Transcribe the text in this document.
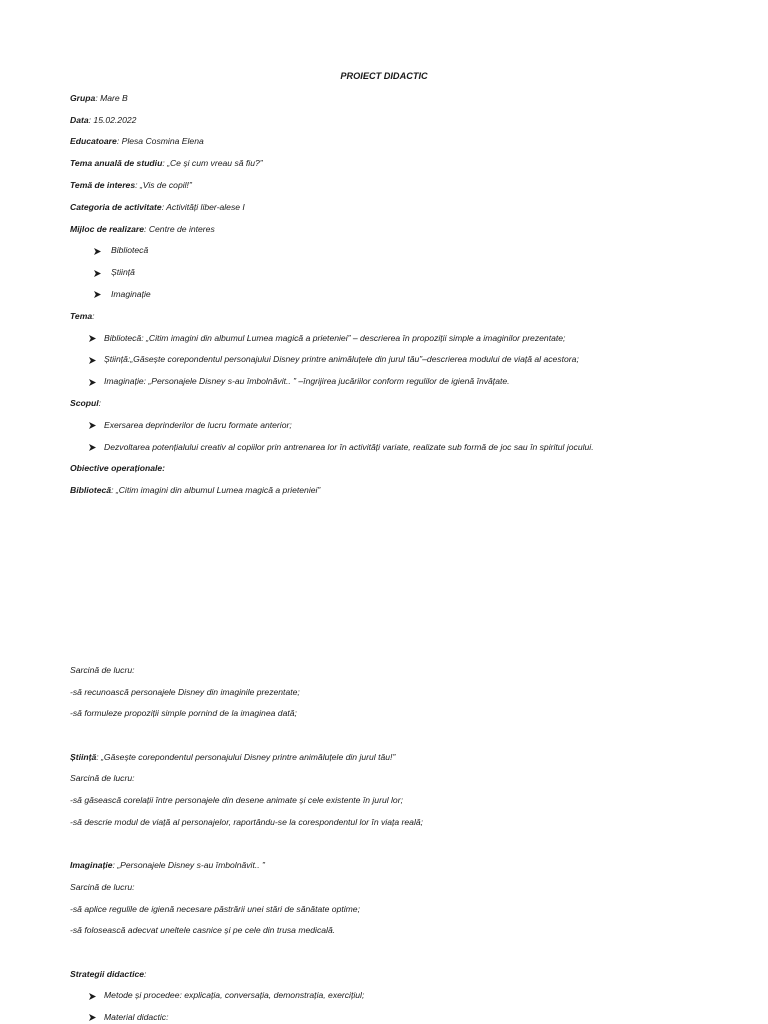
PROIECT DIDACTIC
Grupa: Mare B
Data: 15.02.2022
Educatoare: Plesa Cosmina Elena
Tema anuală de studiu: „Ce și cum vreau să fiu?”
Temă de interes: „Vis de copil!”
Categoria de activitate: Activități liber-alese I
Mijloc de realizare: Centre de interes
Bibliotecă
Știință
Imaginație
Tema:
Bibliotecă: „Citim imagini din albumul Lumea magică a prieteniei” – descrierea în propoziții simple a imaginilor prezentate;
Știință:„Găsește corepondentul personajului Disney printre animăluțele din jurul tău”–descrierea modului de viață al acestora;
Imaginație: „Personajele Disney s-au îmbolnăvit.. ” –îngrijirea jucăriilor conform regulilor de igienă învățate.
Scopul:
Exersarea deprinderilor de lucru formate anterior;
Dezvoltarea potențialului creativ al copiilor prin antrenarea lor în activități variate, realizate sub formă de joc sau în spiritul jocului.
Obiective operaționale:
Bibliotecă: „Citim imagini din albumul Lumea magică a prieteniei”
Sarcină de lucru:
-să recunoască personajele Disney din imaginile prezentate;
-să formuleze propoziții simple pornind de la imaginea dată;
Știință: „Găsește corepondentul personajului Disney printre animăluțele din jurul tău!”
Sarcină de lucru:
-să găsească corelații între personajele din desene animate și cele existente în jurul lor;
-să descrie modul de viață al personajelor, raportându-se la corespondentul lor în viața reală;
Imaginație: „Personajele Disney s-au îmbolnăvit.. ”
Sarcină de lucru:
-să aplice regulile de igienă necesare păstrării unei stări de sănătate optime;
-să folosească adecvat uneltele casnice și pe cele din trusa medicală.
Strategii didactice:
Metode și procedee: explicația, conversația, demonstrația, exercițiul;
Material didactic:
